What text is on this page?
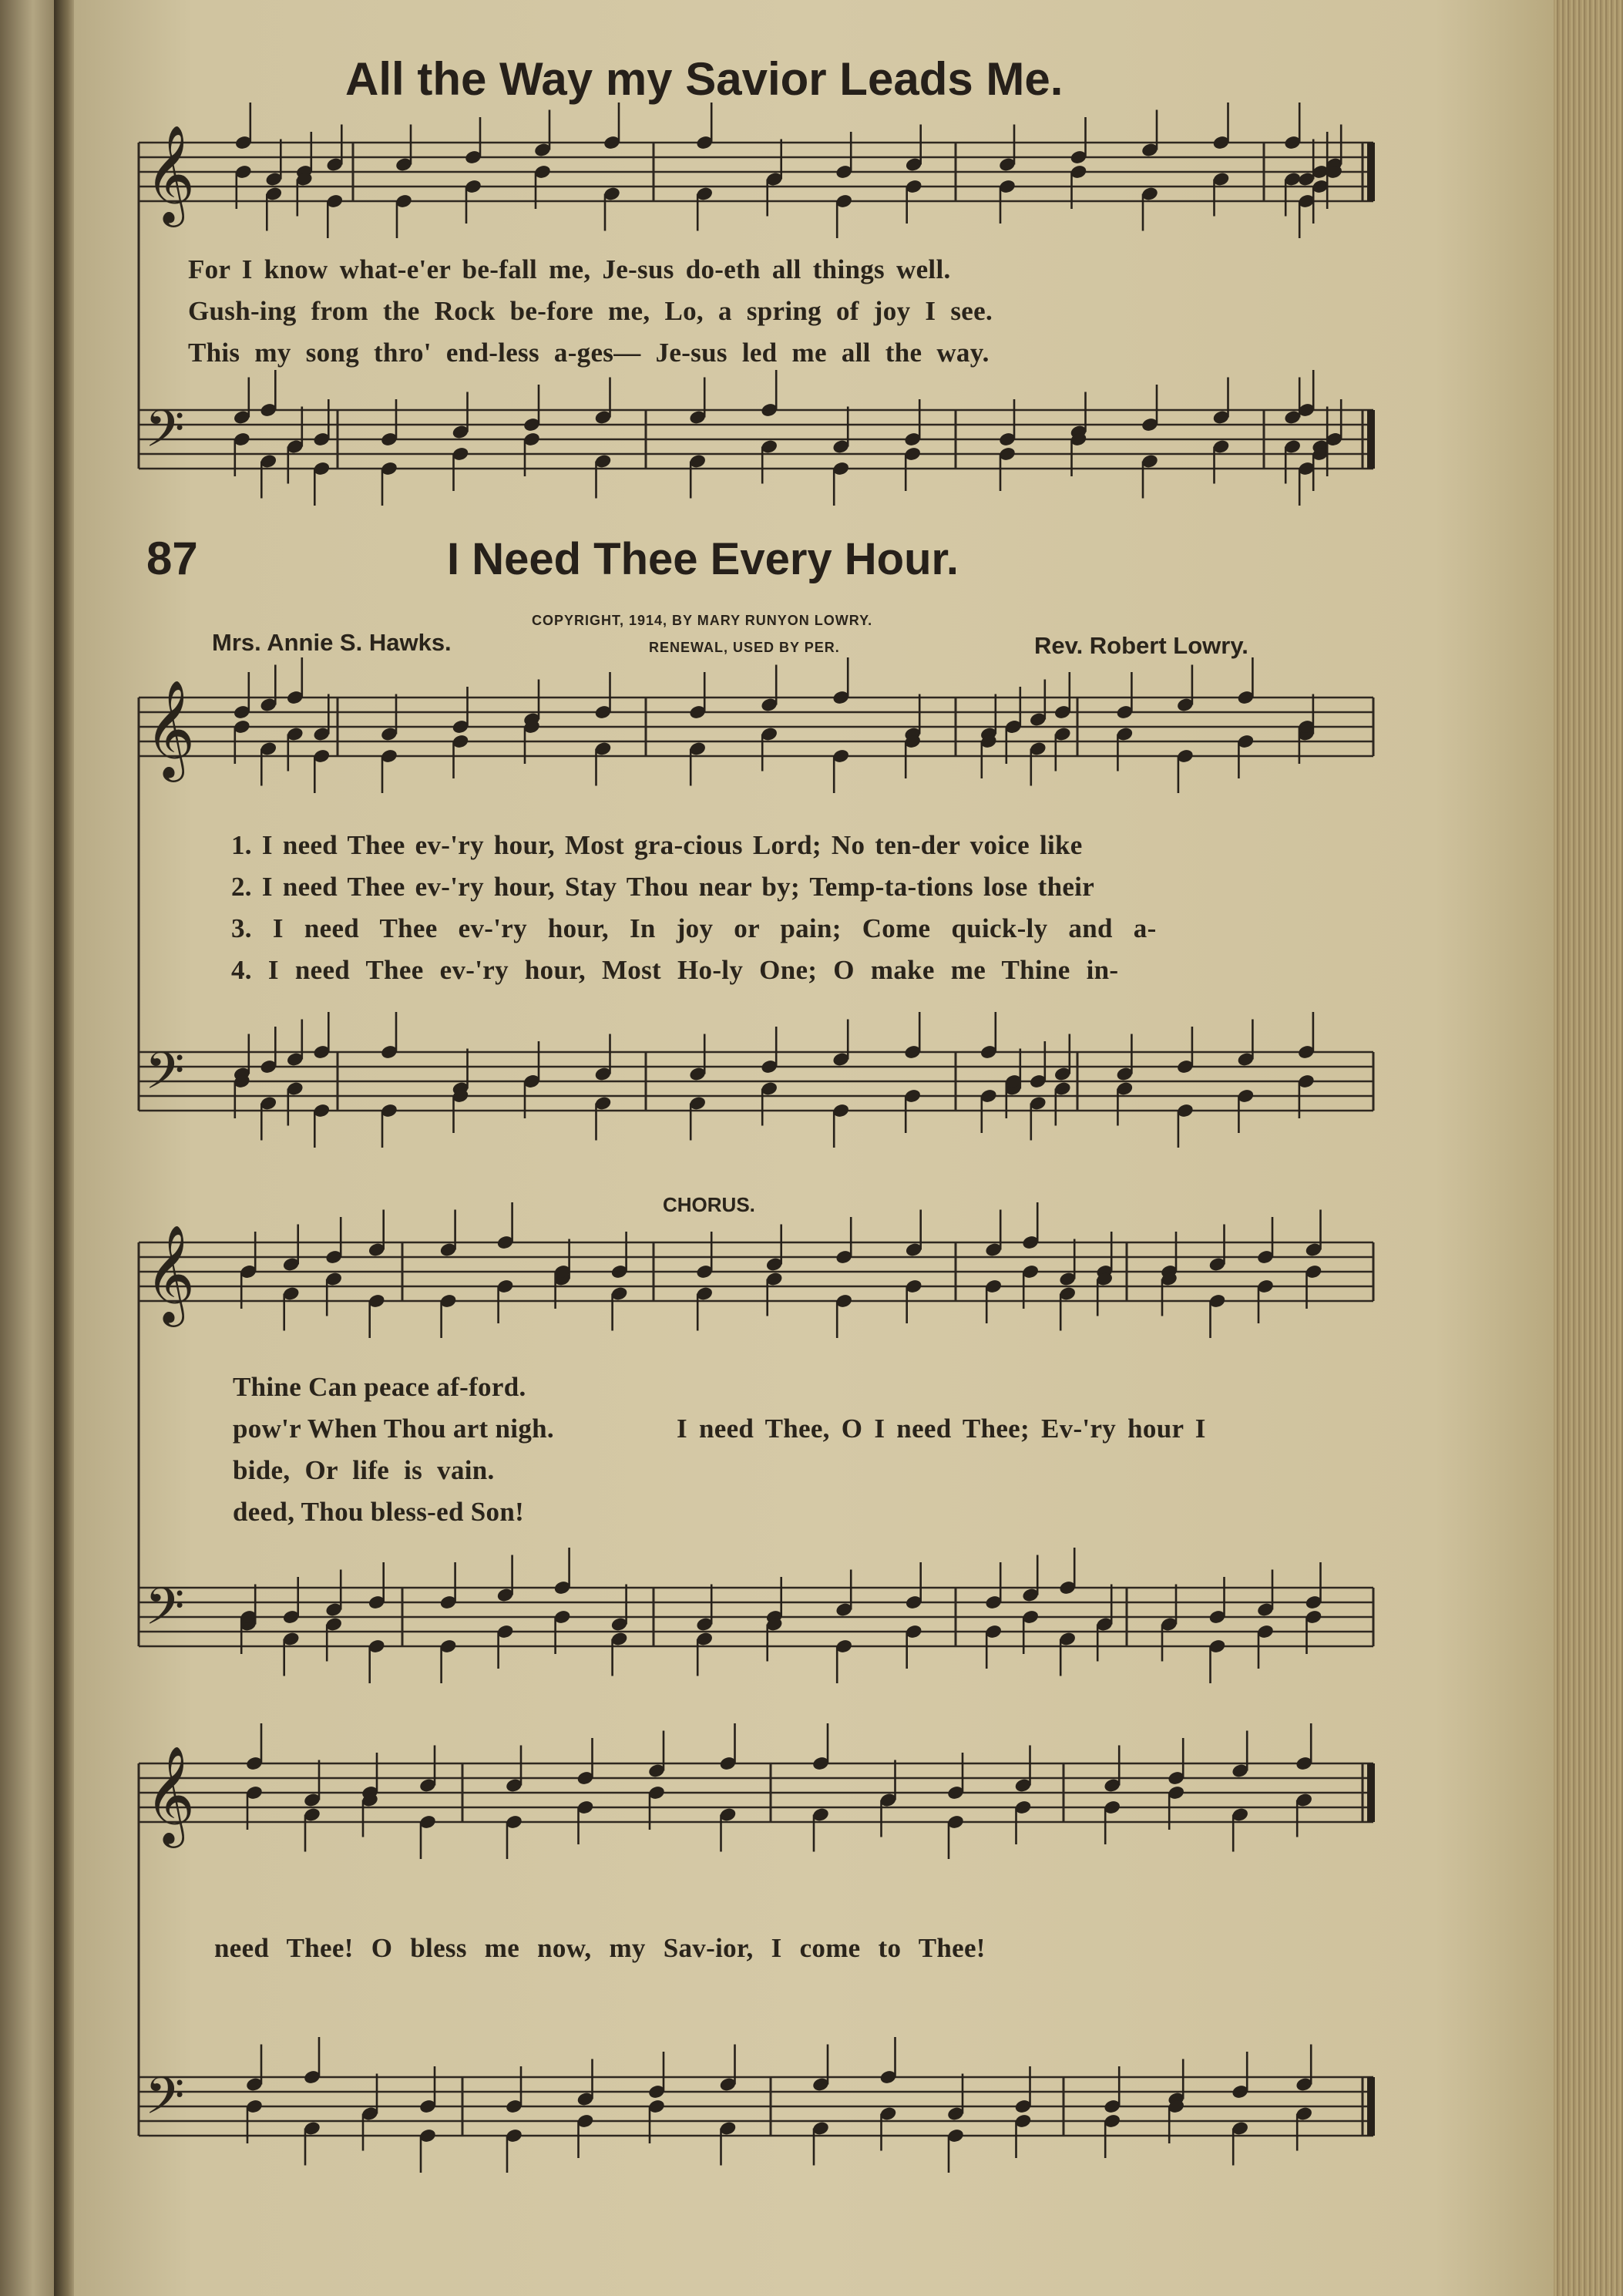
𝄞
𝄢
𝄞
𝄢
𝄞
𝄢
𝄞
𝄢
All the Way my Savior Leads Me.
For I know what-e'er be-fall me, Je-sus do-eth all things well.
Gush-ing from the Rock be-fore me, Lo, a spring of joy I see.
This my song thro' end-less a-ges— Je-sus led me all the way.
87	I Need Thee Every Hour.
Mrs. Annie S. Hawks.
COPYRIGHT, 1914, BY MARY RUNYON LOWRY.
RENEWAL, USED BY PER.	Rev. Robert Lowry.
1. I need Thee ev-'ry hour, Most gra-cious Lord; No ten-der voice like
2. I need Thee ev-'ry hour, Stay Thou near by; Temp-ta-tions lose their
3. I need Thee ev-'ry hour, In joy or pain; Come quick-ly and a-
4. I need Thee ev-'ry hour, Most Ho-ly One; O make me Thine in-
CHORUS.
Thine Can peace af-ford.
pow'r When Thou art nigh.
bide, Or life is vain.
deed, Thou bless-ed Son!
I need Thee, O I need Thee; Ev-'ry hour I
need Thee! O bless me now, my Sav-ior, I come to Thee!
